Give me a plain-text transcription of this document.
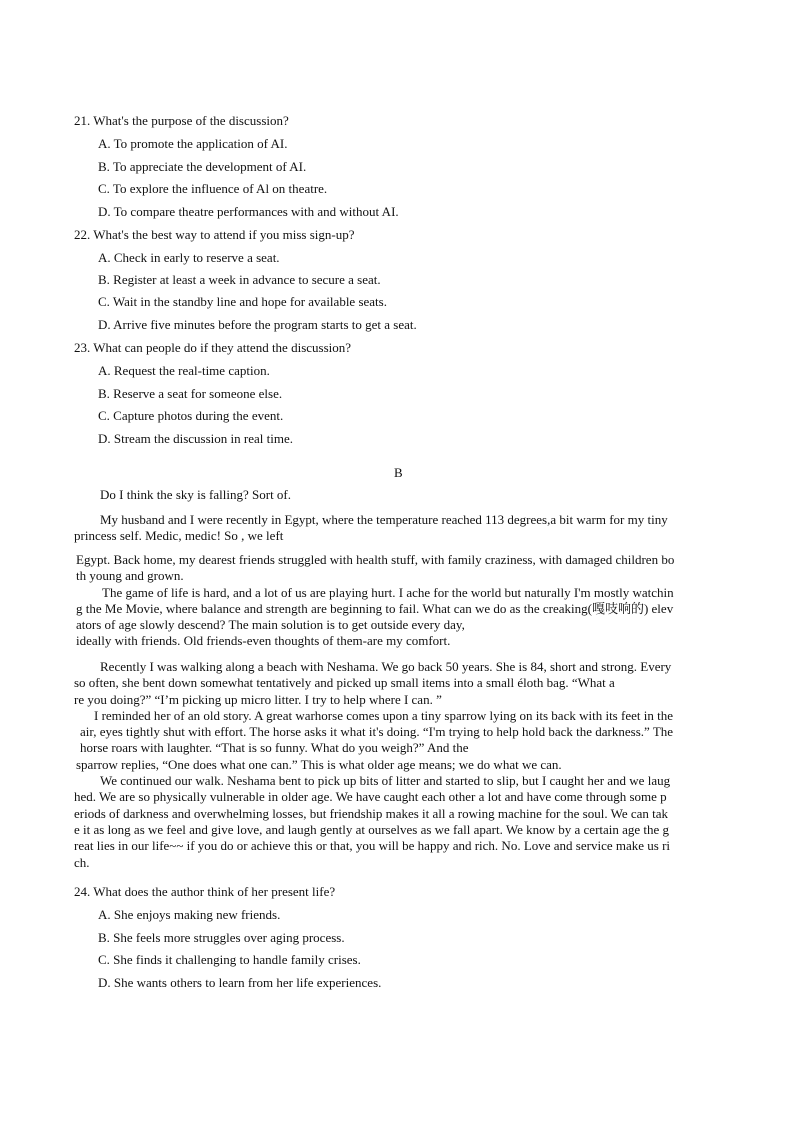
21. What's the purpose of the discussion?
A. To promote the application of AI.
B. To appreciate the development of AI.
C. To explore the influence of Al on theatre.
D. To compare theatre performances with and without AI.
22. What's the best way to attend if you miss sign-up?
A. Check in early to reserve a seat.
B. Register at least a week in advance to secure a seat.
C. Wait in the standby line and hope for available seats.
D. Arrive five minutes before the program starts to get a seat.
23. What can people do if they attend the discussion?
A. Request the real-time caption.
B. Reserve a seat for someone else.
C. Capture photos during the event.
D. Stream the discussion in real time.
B
Do I think the sky is falling? Sort of.
My husband and I were recently in Egypt, where the temperature reached 113 degrees,a bit warm for my tiny
princess self. Medic, medic! So , we left
Egypt. Back home, my dearest friends struggled with health stuff, with family craziness, with damaged children bo
th young and grown.
The game of life is hard, and a lot of us are playing hurt. I ache for the world but naturally I'm mostly watchin
g the Me Movie, where balance and strength are beginning to fail. What can we do as the creaking(嘎吱响的) elev
ators of age slowly descend? The main solution is to get outside every day,
ideally with friends. Old friends-even thoughts of them-are my comfort.
Recently I was walking along a beach with Neshama. We go back 50 years. She is 84, short and strong. Every
so often, she bent down somewhat tentatively and picked up small items into a small éloth bag. “What a
re you doing?” “I’m picking up micro litter. I try to help where I can. ”
I reminded her of an old story. A great warhorse comes upon a tiny sparrow lying on its back with its feet in the
air, eyes tightly shut with effort. The horse asks it what it's doing. “I'm trying to help hold back the darkness.” The
horse roars with laughter. “That is so funny. What do you weigh?” And the
sparrow replies, “One does what one can.” This is what older age means; we do what we can.
We continued our walk. Neshama bent to pick up bits of litter and started to slip, but I caught her and we laug
hed. We are so physically vulnerable in older age. We have caught each other a lot and have come through some p
eriods of darkness and overwhelming losses, but friendship makes it all a rowing machine for the soul. We can tak
e it as long as we feel and give love, and laugh gently at ourselves as we fall apart. We know by a certain age the g
reat lies in our life~~ if you do or achieve this or that, you will be happy and rich. No. Love and service make us ri
ch.
24. What does the author think of her present life?
A. She enjoys making new friends.
B. She feels more struggles over aging process.
C. She finds it challenging to handle family crises.
D. She wants others to learn from her life experiences.
